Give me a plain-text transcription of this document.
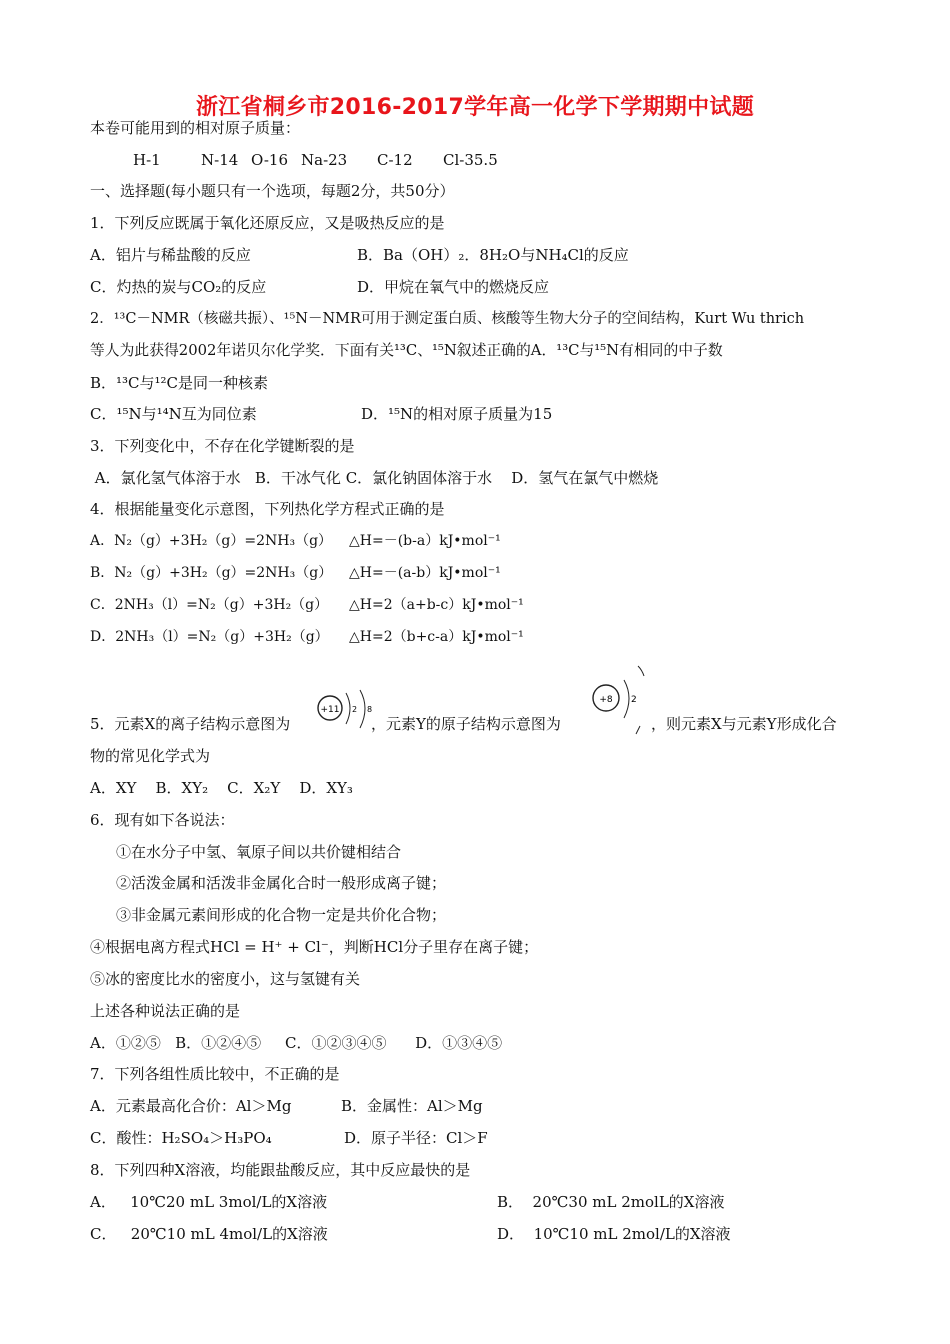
浙江省桐乡市2016-2017学年高一化学下学期期中试题
本卷可能用到的相对原子质量：
H-1	N-14 O-16 Na-23 C-12 Cl-35.5
一、选择题(每小题只有一个选项，每题2分，共50分）
1．下列反应既属于氧化还原反应，又是吸热反应的是
A．铝片与稀盐酸的反应	B．Ba（OH）₂．8H₂O与NH₄Cl的反应
C．灼热的炭与CO₂的反应	D．甲烷在氧气中的燃烧反应
2．¹³C－NMR（核磁共振）、¹⁵N－NMR可用于测定蛋白质、核酸等生物大分子的空间结构，Kurt Wu thrich
等人为此获得2002年诺贝尔化学奖．下面有关¹³C、¹⁵N叙述正确的A．¹³C与¹⁵N有相同的中子数
B．¹³C与¹²C是同一种核素
C．¹⁵N与¹⁴N互为同位素	D．¹⁵N的相对原子质量为15
3．下列变化中，不存在化学键断裂的是
A．氯化氢气体溶于水   B．干冰气化 C．氯化钠固体溶于水    D．氢气在氯气中燃烧
4．根据能量变化示意图，下列热化学方程式正确的是
A．N₂（g）+3H₂（g）=2NH₃（g） △H=－(b-a）kJ•mol⁻¹
B．N₂（g）+3H₂（g）=2NH₃（g） △H=－(a-b）kJ•mol⁻¹
C．2NH₃（l）=N₂（g）+3H₂（g） △H=2（a+b-c）kJ•mol⁻¹
D．2NH₃（l）=N₂（g）+3H₂（g） △H=2（b+c-a）kJ•mol⁻¹
5．元素X的离子结构示意图为
+11 2 8
，元素Y的原子结构示意图为
+8 2
，则元素X与元素Y形成化合
物的常见化学式为
A．XY    B．XY₂    C．X₂Y    D．XY₃
6．现有如下各说法：
①在水分子中氢、氧原子间以共价键相结合
②活泼金属和活泼非金属化合时一般形成离子键；
③非金属元素间形成的化合物一定是共价化合物；
④根据电离方程式HCl = H⁺ + Cl⁻，判断HCl分子里存在离子键；
⑤冰的密度比水的密度小，这与氢键有关
上述各种说法正确的是
A．①②⑤   B．①②④⑤     C．①②③④⑤      D．①③④⑤
7．下列各组性质比较中，不正确的是
A．元素最高化合价：Al＞Mg	B．金属性：Al＞Mg
C．酸性：H₂SO₄＞H₃PO₄	D．原子半径：Cl＞F
8．下列四种X溶液，均能跟盐酸反应，其中反应最快的是
A．   10℃20 mL 3mol/L的X溶液	B．  20℃30 mL 2molL的X溶液
C．   20℃10 mL 4mol/L的X溶液	D．  10℃10 mL 2mol/L的X溶液
